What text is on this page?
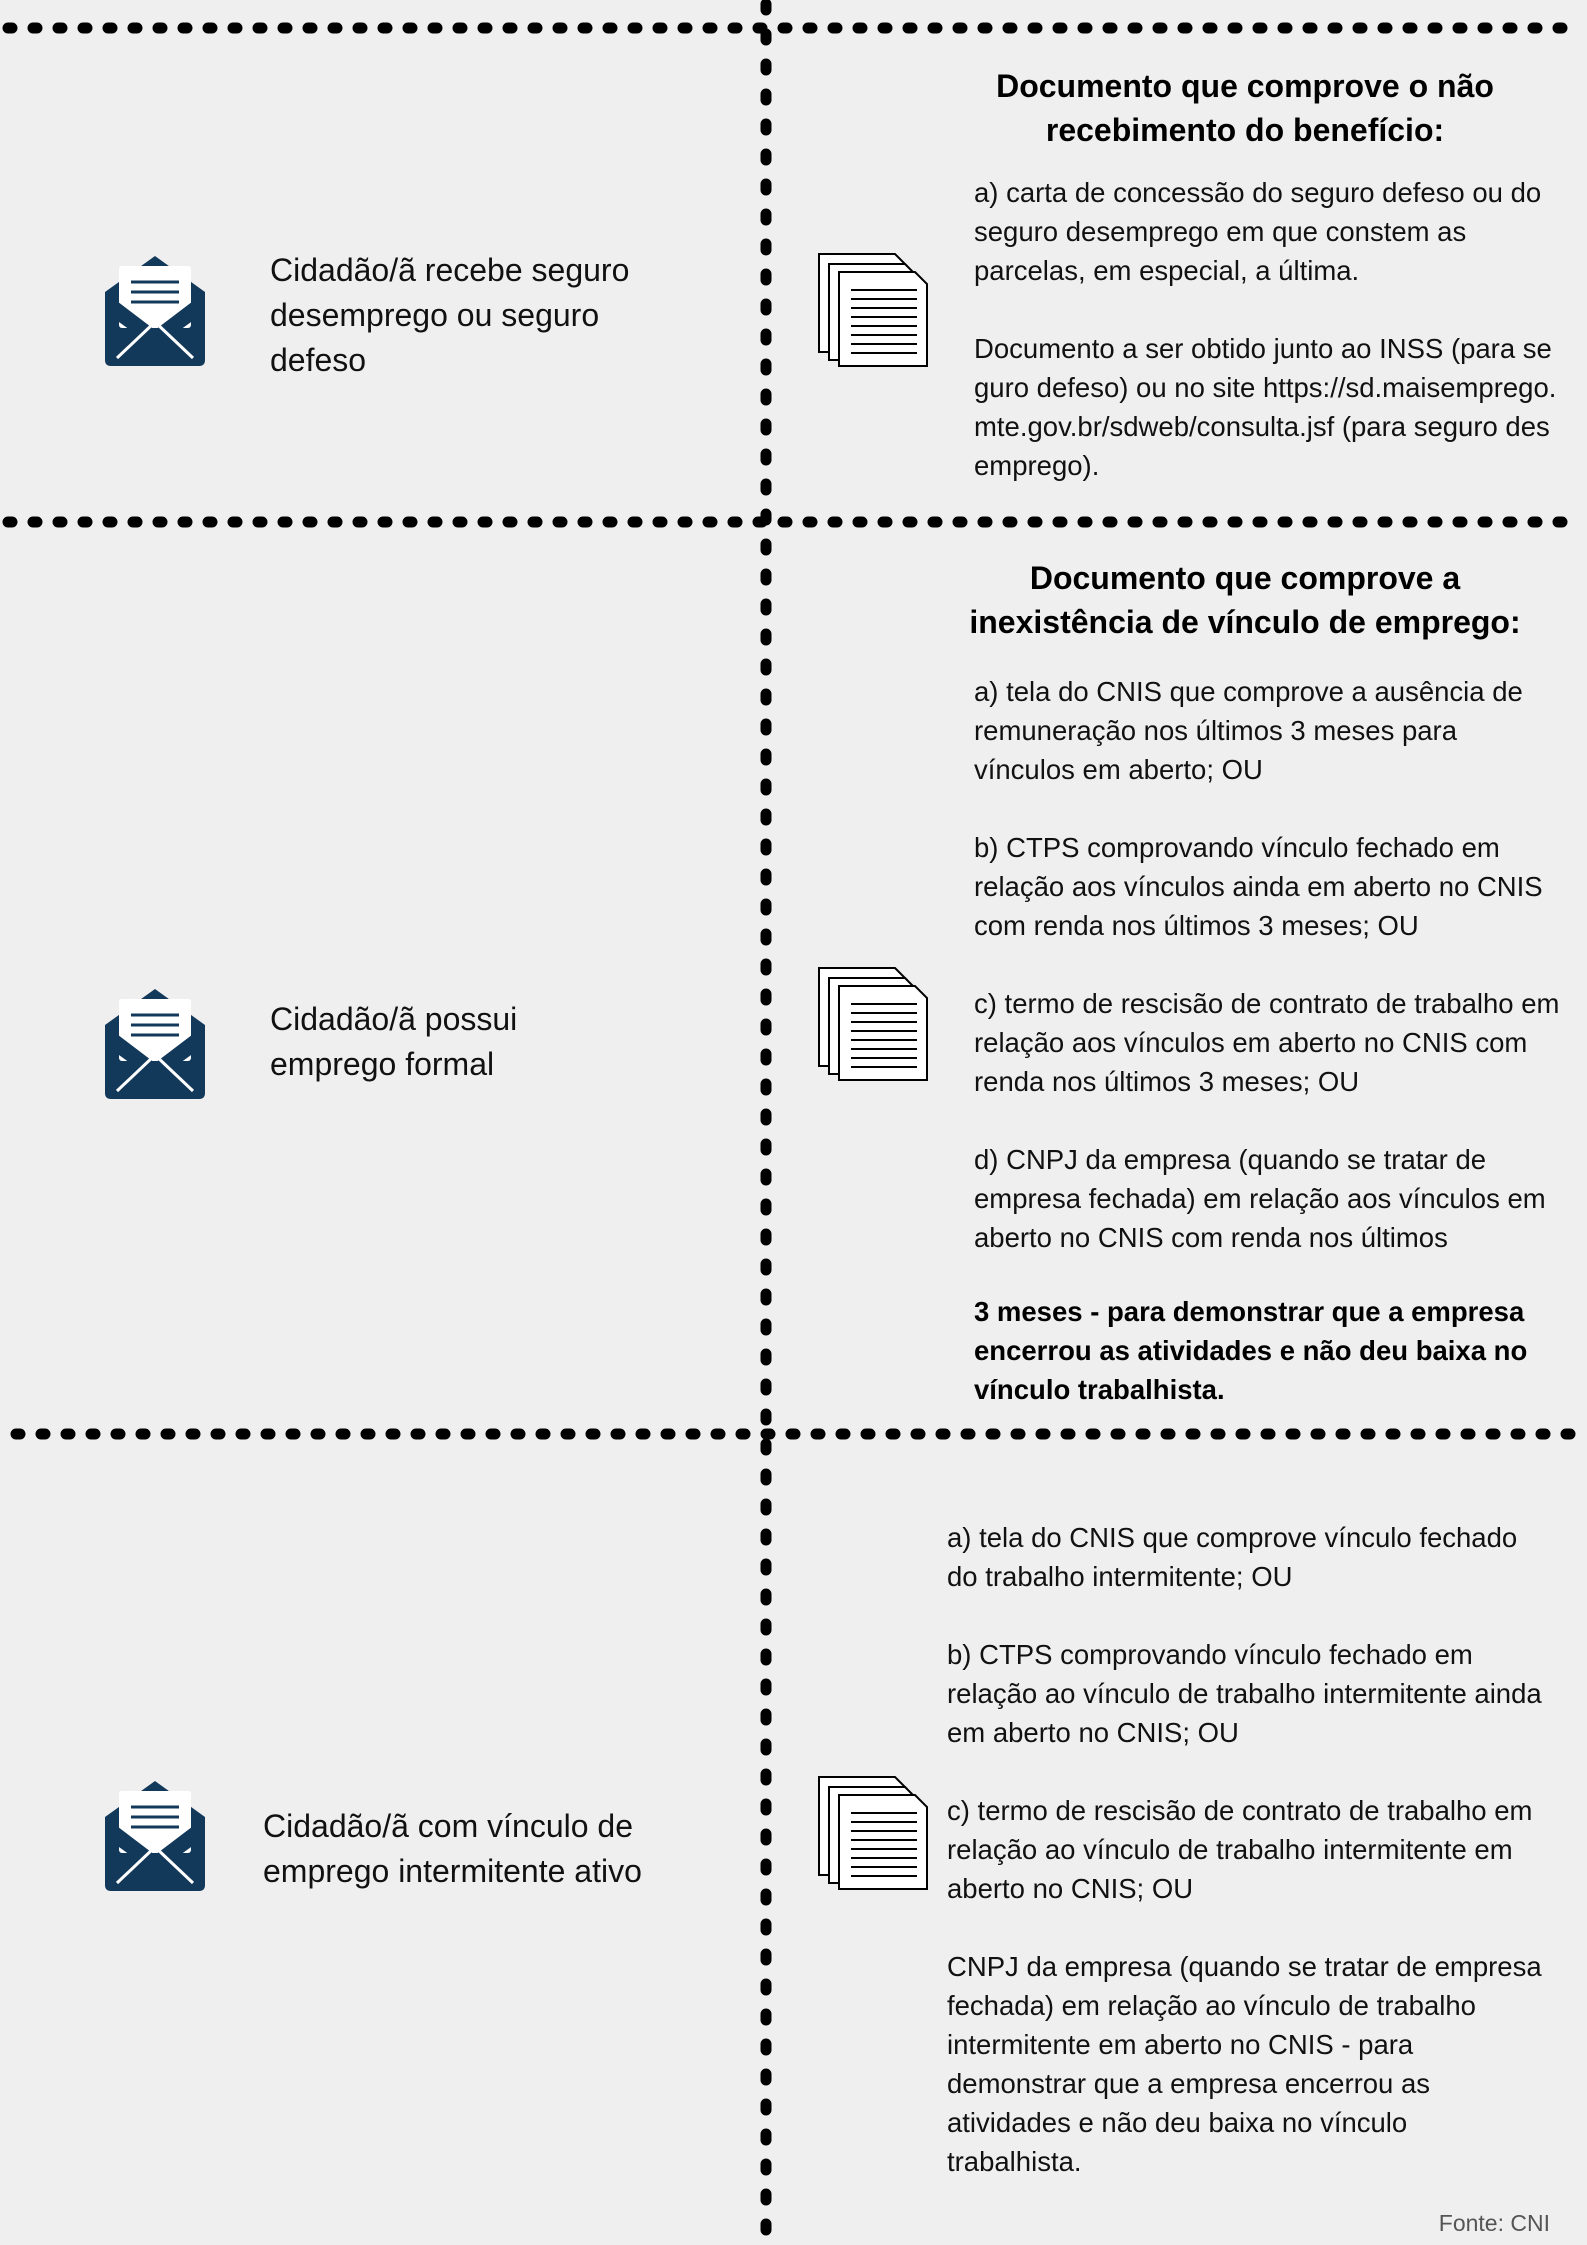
Cidadão/ã recebe seguro desemprego ou seguro defeso
Documento que comprove o não recebimento do benefício:

a) carta de concessão do seguro defeso ou do seguro desemprego em que constem as parcelas, em especial, a última.

Documento a ser obtido junto ao INSS (para seguro defeso) ou no site https://sd.maisemprego.mte.gov.br/sdweb/consulta.jsf (para seguro desemprego).

Cidadão/ã possui emprego formal
Documento que comprove a inexistência de vínculo de emprego:

a) tela do CNIS que comprove a ausência de remuneração nos últimos 3 meses para vínculos em aberto; OU

b) CTPS comprovando vínculo fechado em relação aos vínculos ainda em aberto no CNIS com renda nos últimos 3 meses; OU

c) termo de rescisão de contrato de trabalho em relação aos vínculos em aberto no CNIS com renda nos últimos 3 meses; OU

d) CNPJ da empresa (quando se tratar de empresa fechada) em relação aos vínculos em aberto no CNIS com renda nos últimos

3 meses - para demonstrar que a empresa encerrou as atividades e não deu baixa no vínculo trabalhista.

Cidadão/ã com vínculo de emprego intermitente ativo

a) tela do CNIS que comprove vínculo fechado do trabalho intermitente; OU

b) CTPS comprovando vínculo fechado em relação ao vínculo de trabalho intermitente ainda em aberto no CNIS; OU

c) termo de rescisão de contrato de trabalho em relação ao vínculo de trabalho intermitente em aberto no CNIS; OU

CNPJ da empresa (quando se tratar de empresa fechada) em relação ao vínculo de trabalho intermitente em aberto no CNIS - para demonstrar que a empresa encerrou as atividades e não deu baixa no vínculo trabalhista.

Fonte: CNI
